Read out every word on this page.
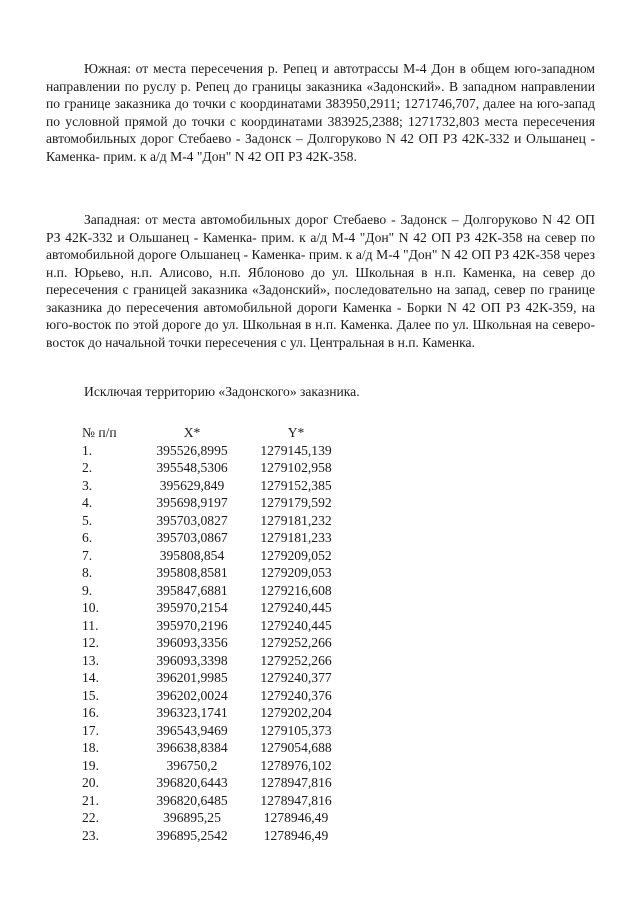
Южная: от места пересечения р. Репец и автотрассы М-4 Дон в общем юго-западном направлении по руслу р. Репец до границы заказника «Задонский». В западном направлении по границе заказника до точки с координатами 383950,2911; 1271746,707, далее на юго-запад по условной прямой до точки с координатами 383925,2388; 1271732,803 места пересечения автомобильных дорог Стебаево - Задонск – Долгоруково N 42 ОП РЗ 42К-332 и Ольшанец - Каменка- прим. к а/д М-4 "Дон" N 42 ОП РЗ 42К-358.

Западная: от места автомобильных дорог Стебаево - Задонск – Долгоруково N 42 ОП РЗ 42К-332 и Ольшанец - Каменка- прим. к а/д М-4 "Дон" N 42 ОП РЗ 42К-358 на север по автомобильной дороге Ольшанец - Каменка- прим. к а/д М-4 "Дон" N 42 ОП РЗ 42К-358 через н.п. Юрьево, н.п. Алисово, н.п. Яблоново до ул. Школьная в н.п. Каменка, на север до пересечения с границей заказника «Задонский», последовательно на запад, север по границе заказника до пересечения автомобильной дороги Каменка - Борки N 42 ОП РЗ 42К-359, на юго-восток по этой дороге до ул. Школьная в н.п. Каменка. Далее по ул. Школьная на северо-восток до начальной точки пересечения с ул. Центральная в н.п. Каменка.

Исключая территорию «Задонского» заказника.

№ п/п	X*	Y*
1.	395526,8995	1279145,139
2.	395548,5306	1279102,958
3.	395629,849	1279152,385
4.	395698,9197	1279179,592
5.	395703,0827	1279181,232
6.	395703,0867	1279181,233
7.	395808,854	1279209,052
8.	395808,8581	1279209,053
9.	395847,6881	1279216,608
10.	395970,2154	1279240,445
11.	395970,2196	1279240,445
12.	396093,3356	1279252,266
13.	396093,3398	1279252,266
14.	396201,9985	1279240,377
15.	396202,0024	1279240,376
16.	396323,1741	1279202,204
17.	396543,9469	1279105,373
18.	396638,8384	1279054,688
19.	396750,2	1278976,102
20.	396820,6443	1278947,816
21.	396820,6485	1278947,816
22.	396895,25	1278946,49
23.	396895,2542	1278946,49
